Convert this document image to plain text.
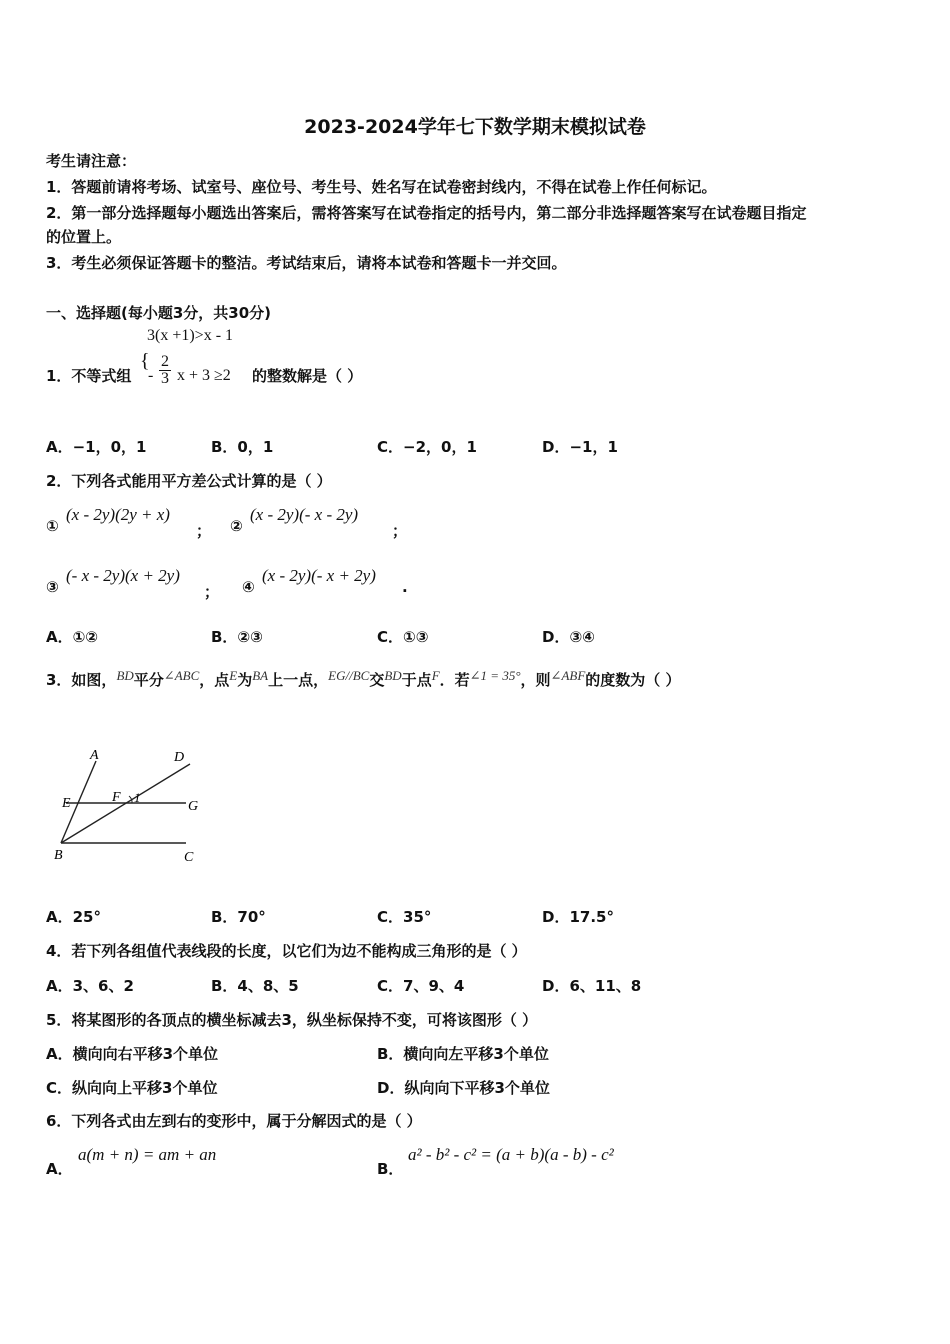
2023-2024学年七下数学期末模拟试卷
考生请注意：
1．答题前请将考场、试室号、座位号、考生号、姓名写在试卷密封线内，不得在试卷上作任何标记。
2．第一部分选择题每小题选出答案后，需将答案写在试卷指定的括号内，第二部分非选择题答案写在试卷题目指定
的位置上。
3．考生必须保证答题卡的整洁。考试结束后，请将本试卷和答题卡一并交回。
一、选择题(每小题3分，共30分)
3(x +1)>x - 1
1．不等式组
{
- $\frac{2}{3}$ x + 3 ≥2 的整数解是（ ）
A．−1，0，1	B．0，1	C．−2，0，1	D．−1，1
2．下列各式能用平方差公式计算的是（ ）
①
(x - 2y)(2y + x)
； ②
(x - 2y)(- x - 2y)
；
③
(- x - 2y)(x + 2y)
； ④
(x - 2y)(- x + 2y)
.
A．①②	B．②③	C．①③	D．③④
3．如图，$^{BD}$平分$^{\angle ABC}$，点$^E$为$^{BA}$上一点，$^{EG//BC}$交$^{BD}$于点$^F$．若$^{\angle 1 = 35^\circ}$，则$^{\angle ABF}$的度数为（ ）
A	D
E	F 1
G
B	C
A．25°	B．70°	C．35°	D．17.5°
4．若下列各组值代表线段的长度，以它们为边不能构成三角形的是（ ）
A．3、6、2	B．4、8、5	C．7、9、4	D．6、11、8
5．将某图形的各顶点的横坐标减去3，纵坐标保持不变，可将该图形（ ）
A．横向向右平移3个单位	B．横向向左平移3个单位
C．纵向向上平移3个单位	D．纵向向下平移3个单位
6．下列各式由左到右的变形中，属于分解因式的是（ ）
A．
a(m + n) = am + an
B．
a² - b² - c² = (a + b)(a - b) - c²
